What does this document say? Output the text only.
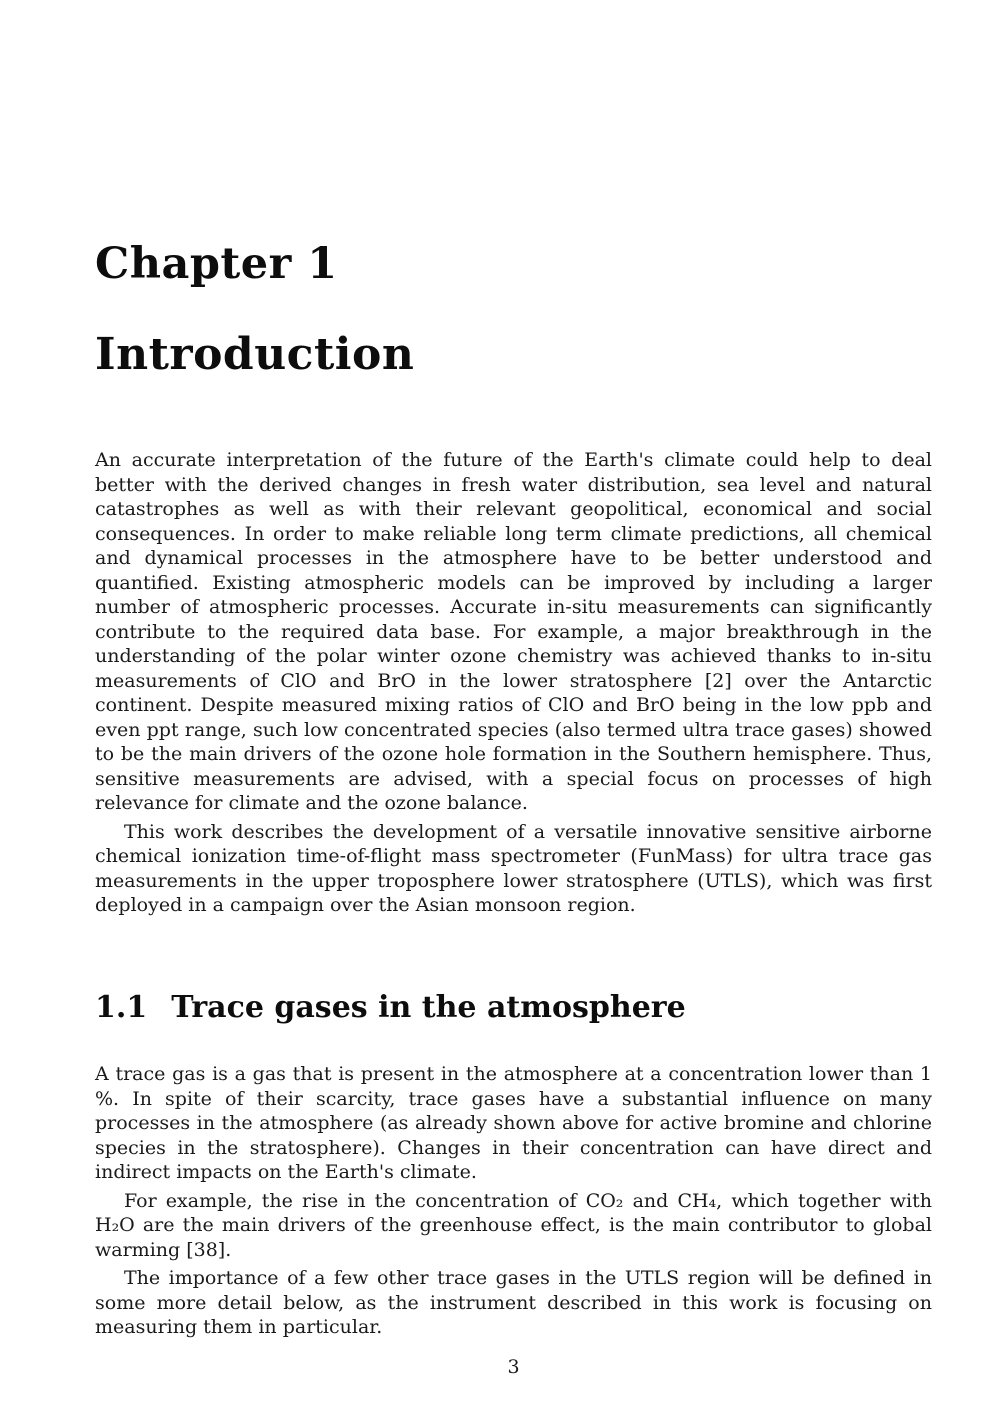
Chapter 1
Introduction

An accurate interpretation of the future of the Earth's climate could help to deal better with the derived changes in fresh water distribution, sea level and natural catastrophes as well as with their relevant geopolitical, economical and social consequences. In order to make reliable long term climate predictions, all chemical and dynamical processes in the atmosphere have to be better understood and quantified. Existing atmospheric models can be improved by including a larger number of atmospheric processes. Accurate in-situ measurements can significantly contribute to the required data base. For example, a major breakthrough in the understanding of the polar winter ozone chemistry was achieved thanks to in-situ measurements of ClO and BrO in the lower stratosphere [2] over the Antarctic continent. Despite measured mixing ratios of ClO and BrO being in the low ppb and even ppt range, such low concentrated species (also termed ultra trace gases) showed to be the main drivers of the ozone hole formation in the Southern hemisphere. Thus, sensitive measurements are advised, with a special focus on processes of high relevance for climate and the ozone balance.

This work describes the development of a versatile innovative sensitive airborne chemical ionization time-of-flight mass spectrometer (FunMass) for ultra trace gas measurements in the upper troposphere lower stratosphere (UTLS), which was first deployed in a campaign over the Asian monsoon region.

1.1 Trace gases in the atmosphere

A trace gas is a gas that is present in the atmosphere at a concentration lower than 1 %. In spite of their scarcity, trace gases have a substantial influence on many processes in the atmosphere (as already shown above for active bromine and chlorine species in the stratosphere). Changes in their concentration can have direct and indirect impacts on the Earth's climate.

For example, the rise in the concentration of CO₂ and CH₄, which together with H₂O are the main drivers of the greenhouse effect, is the main contributor to global warming [38].

The importance of a few other trace gases in the UTLS region will be defined in some more detail below, as the instrument described in this work is focusing on measuring them in particular.

3
